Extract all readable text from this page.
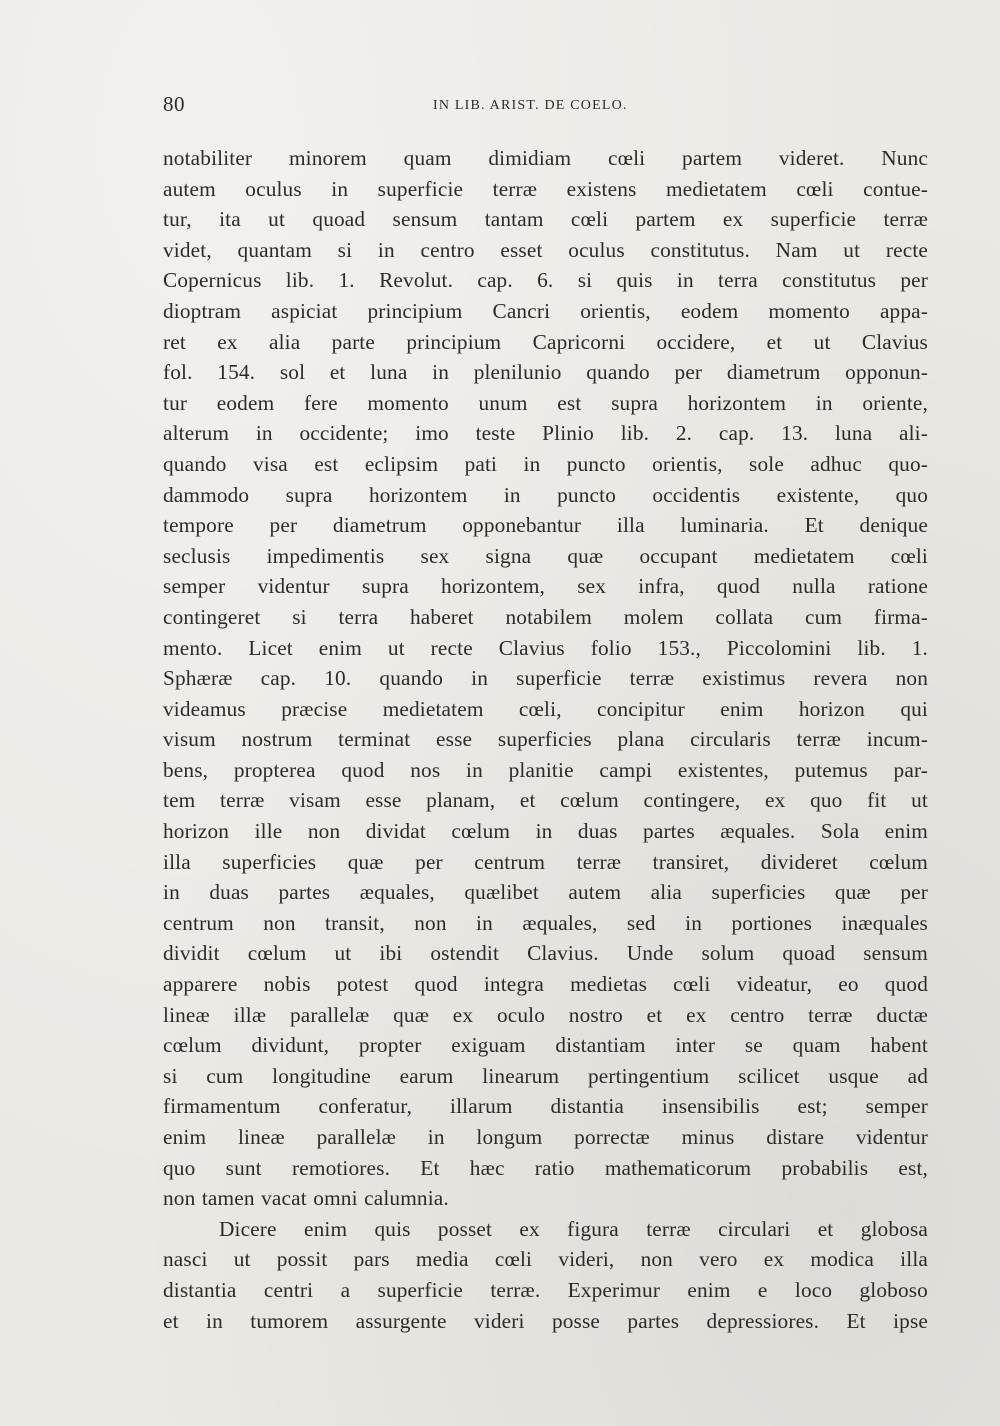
80	IN LIB. ARIST. DE COELO.
notabiliter minorem quam dimidiam cœli partem videret. Nunc
autem oculus in superficie terræ existens medietatem cœli contue-
tur, ita ut quoad sensum tantam cœli partem ex superficie terræ
videt, quantam si in centro esset oculus constitutus. Nam ut recte
Copernicus lib. 1. Revolut. cap. 6. si quis in terra constitutus per
dioptram aspiciat principium Cancri orientis, eodem momento appa-
ret ex alia parte principium Capricorni occidere, et ut Clavius
fol. 154. sol et luna in plenilunio quando per diametrum opponun-
tur eodem fere momento unum est supra horizontem in oriente,
alterum in occidente; imo teste Plinio lib. 2. cap. 13. luna ali-
quando visa est eclipsim pati in puncto orientis, sole adhuc quo-
dammodo supra horizontem in puncto occidentis existente, quo
tempore per diametrum opponebantur illa luminaria. Et denique
seclusis impedimentis sex signa quæ occupant medietatem cœli
semper videntur supra horizontem, sex infra, quod nulla ratione
contingeret si terra haberet notabilem molem collata cum firma-
mento. Licet enim ut recte Clavius folio 153., Piccolomini lib. 1.
Sphæræ cap. 10. quando in superficie terræ existimus revera non
videamus præcise medietatem cœli, concipitur enim horizon qui
visum nostrum terminat esse superficies plana circularis terræ incum-
bens, propterea quod nos in planitie campi existentes, putemus par-
tem terræ visam esse planam, et cœlum contingere, ex quo fit ut
horizon ille non dividat cœlum in duas partes æquales. Sola enim
illa superficies quæ per centrum terræ transiret, divideret cœlum
in duas partes æquales, quælibet autem alia superficies quæ per
centrum non transit, non in æquales, sed in portiones inæquales
dividit cœlum ut ibi ostendit Clavius. Unde solum quoad sensum
apparere nobis potest quod integra medietas cœli videatur, eo quod
lineæ illæ parallelæ quæ ex oculo nostro et ex centro terræ ductæ
cœlum dividunt, propter exiguam distantiam inter se quam habent
si cum longitudine earum linearum pertingentium scilicet usque ad
firmamentum conferatur, illarum distantia insensibilis est; semper
enim lineæ parallelæ in longum porrectæ minus distare videntur
quo sunt remotiores. Et hæc ratio mathematicorum probabilis est,
non tamen vacat omni calumnia.
Dicere enim quis posset ex figura terræ circulari et globosa
nasci ut possit pars media cœli videri, non vero ex modica illa
distantia centri a superficie terræ. Experimur enim e loco globoso
et in tumorem assurgente videri posse partes depressiores. Et ipse
